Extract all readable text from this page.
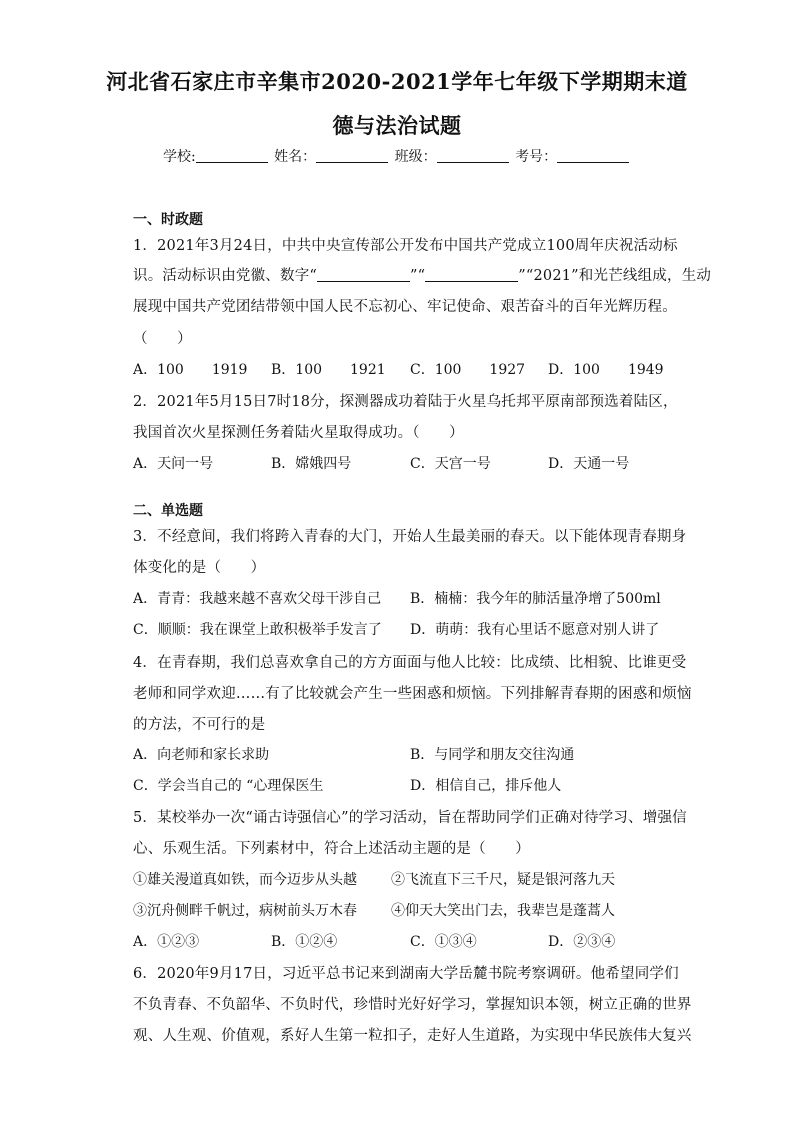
河北省石家庄市辛集市2020-2021学年七年级下学期期末道
德与法治试题
学校:	姓名：	班级：	考号：
一、时政题
1．2021年3月24日，中共中央宣传部公开发布中国共产党成立100周年庆祝活动标
识。活动标识由党徽、数字“	”“	”“2021”和光芒线组成，生动
展现中国共产党团结带领中国人民不忘初心、牢记使命、艰苦奋斗的百年光辉历程。
（　　）
A．100　　1919 B．100　　1921 C．100　　1927 D．100　　1949
2．2021年5月15日7时18分，探测器成功着陆于火星乌托邦平原南部预选着陆区，
我国首次火星探测任务着陆火星取得成功。（　　）
A．天问一号	B．嫦娥四号	C．天宫一号	D．天通一号
二、单选题
3．不经意间，我们将跨入青春的大门，开始人生最美丽的春天。以下能体现青春期身
体变化的是（　　）
A．青青：我越来越不喜欢父母干涉自己 B．楠楠：我今年的肺活量净增了500ml
C．顺顺：我在课堂上敢积极举手发言了 D．萌萌：我有心里话不愿意对别人讲了
4．在青春期，我们总喜欢拿自己的方方面面与他人比较：比成绩、比相貌、比谁更受
老师和同学欢迎……有了比较就会产生一些困惑和烦恼。下列排解青春期的困惑和烦恼
的方法，不可行的是
A．向老师和家长求助	B．与同学和朋友交往沟通
C．学会当自己的 “心理保医生	D．相信自己，排斥他人
5．某校举办一次“诵古诗强信心”的学习活动，旨在帮助同学们正确对待学习、增强信
心、乐观生活。下列素材中，符合上述活动主题的是（　　）
①雄关漫道真如铁，而今迈步从头越 ②飞流直下三千尺，疑是银河落九天
③沉舟侧畔千帆过，病树前头万木春 ④仰天大笑出门去，我辈岂是蓬蒿人
A．①②③	B．①②④	C．①③④	D．②③④
6．2020年9月17日，习近平总书记来到湖南大学岳麓书院考察调研。他希望同学们
不负青春、不负韶华、不负时代，珍惜时光好好学习，掌握知识本领，树立正确的世界
观、人生观、价值观，系好人生第一粒扣子，走好人生道路，为实现中华民族伟大复兴
